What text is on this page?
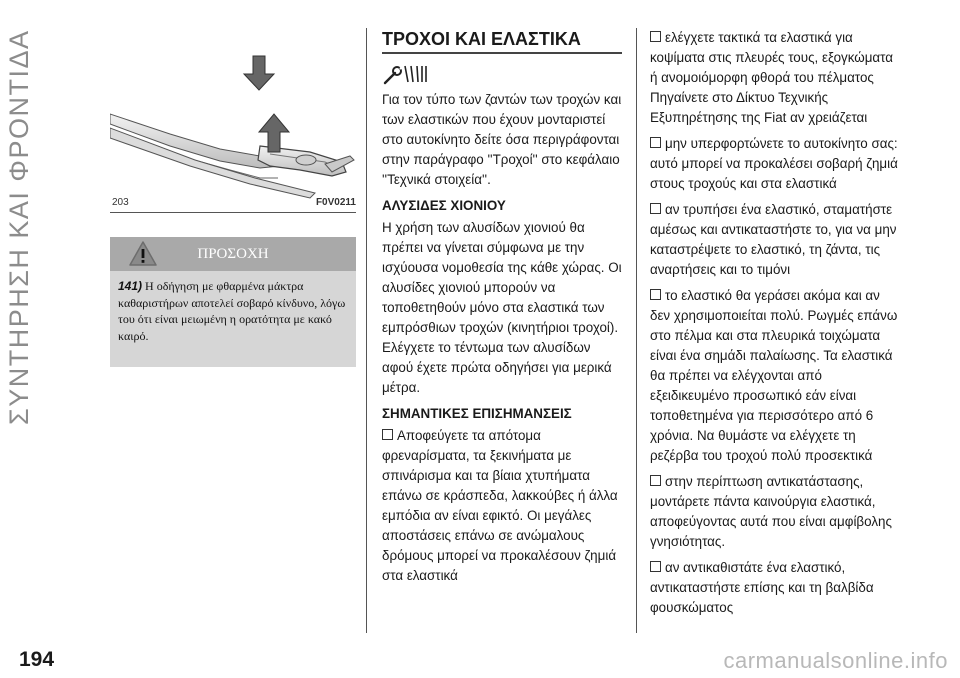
ΣΥΝΤΗΡΗΣΗ ΚΑΙ ΦΡΟΝΤΙΔΑ
194	carmanualsonline.info
203	F0V0211
ΠΡΟΣΟΧΗ
141) Η οδήγηση με φθαρμένα μάκτρα καθαριστήρων αποτελεί σοβαρό κίνδυνο, λόγω του ότι είναι μειωμένη η ορατότητα με κακό καιρό.
ΤΡΟΧΟΙ ΚΑΙ ΕΛΑΣΤΙΚΑ

Για τον τύπο των ζαντών των τροχών και των ελαστικών που έχουν μονταριστεί στο αυτοκίνητο δείτε όσα περιγράφονται στην παράγραφο ''Τροχοί'' στο κεφάλαιο ''Τεχνικά στοιχεία''.

ΑΛΥΣΙΔΕΣ ΧΙΟΝΙΟΥ

Η χρήση των αλυσίδων χιονιού θα πρέπει να γίνεται σύμφωνα με την ισχύουσα νομοθεσία της κάθε χώρας. Οι αλυσίδες χιονιού μπορούν να τοποθετηθούν μόνο στα ελαστικά των εμπρόσθιων τροχών (κινητήριοι τροχοί). Ελέγχετε το τέντωμα των αλυσίδων αφού έχετε πρώτα οδηγήσει για μερικά μέτρα.

ΣΗΜΑΝΤΙΚΕΣ ΕΠΙΣΗΜΑΝΣΕΙΣ

Αποφεύγετε τα απότομα φρεναρίσματα, τα ξεκινήματα με σπινάρισμα και τα βίαια χτυπήματα επάνω σε κράσπεδα, λακκούβες ή άλλα εμπόδια αν είναι εφικτό. Οι μεγάλες αποστάσεις επάνω σε ανώμαλους δρόμους μπορεί να προκαλέσουν ζημιά στα ελαστικά

ελέγχετε τακτικά τα ελαστικά για κοψίματα στις πλευρές τους, εξογκώματα ή ανομοιόμορφη φθορά του πέλματος Πηγαίνετε στο Δίκτυο Τεχνικής Εξυπηρέτησης της Fiat αν χρειάζεται

μην υπερφορτώνετε το αυτοκίνητο σας: αυτό μπορεί να προκαλέσει σοβαρή ζημιά στους τροχούς και στα ελαστικά

αν τρυπήσει ένα ελαστικό, σταματήστε αμέσως και αντικαταστήστε το, για να μην καταστρέψετε το ελαστικό, τη ζάντα, τις αναρτήσεις και το τιμόνι

το ελαστικό θα γεράσει ακόμα και αν δεν χρησιμοποιείται πολύ. Ρωγμές επάνω στο πέλμα και στα πλευρικά τοιχώματα είναι ένα σημάδι παλαίωσης. Τα ελαστικά θα πρέπει να ελέγχονται από εξειδικευμένο προσωπικό εάν είναι τοποθετημένα για περισσότερο από 6 χρόνια. Να θυμάστε να ελέγχετε τη ρεζέρβα του τροχού πολύ προσεκτικά

στην περίπτωση αντικατάστασης, μοντάρετε πάντα καινούργια ελαστικά, αποφεύγοντας αυτά που είναι αμφίβολης γνησιότητας.

αν αντικαθιστάτε ένα ελαστικό, αντικαταστήστε επίσης και τη βαλβίδα φουσκώματος
